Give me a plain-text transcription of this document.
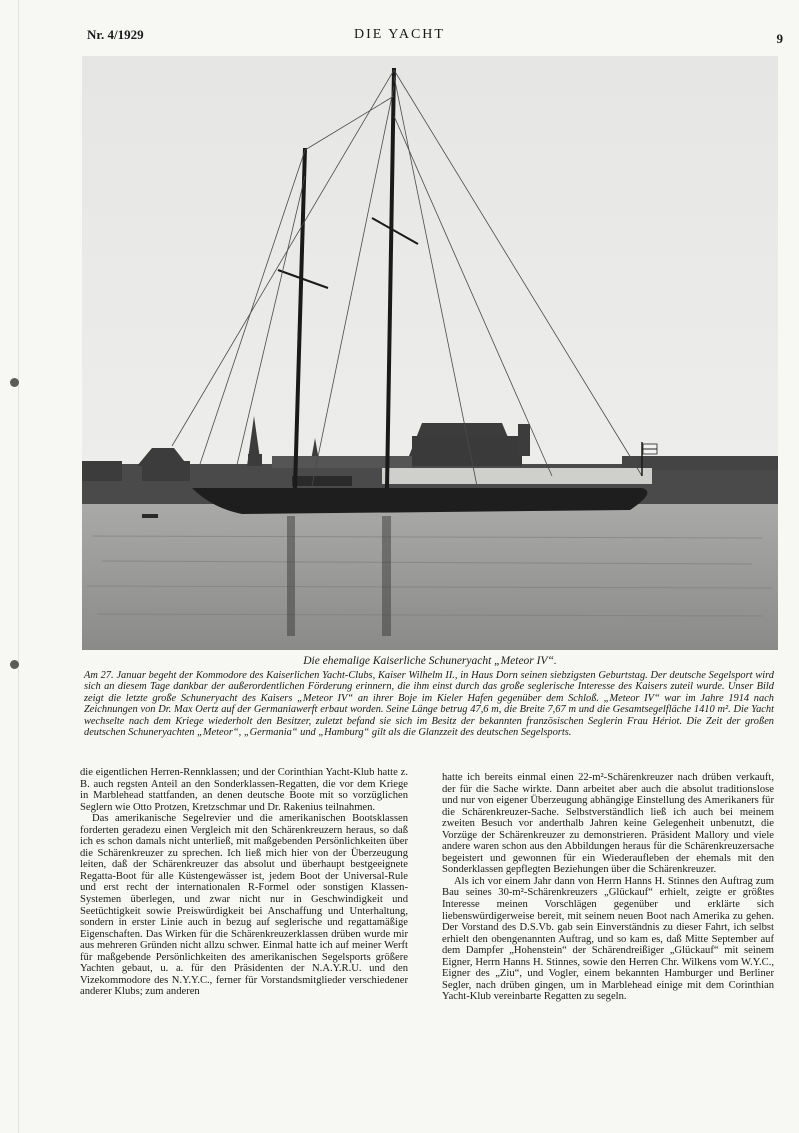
Nr. 4/1929	DIE YACHT	9
Die ehemalige Kaiserliche Schuneryacht „Meteor IV“.
Am 27. Januar begeht der Kommodore des Kaiserlichen Yacht-Clubs, Kaiser Wilhelm II., in Haus Dorn seinen siebzigsten Geburtstag. Der deutsche Segelsport wird sich an diesem Tage dankbar der außerordentlichen Förderung erinnern, die ihm einst durch das große seglerische Interesse des Kaisers zuteil wurde. Unser Bild zeigt die letzte große Schuneryacht des Kaisers „Meteor IV“ an ihrer Boje im Kieler Hafen gegenüber dem Schloß. „Meteor IV“ war im Jahre 1914 nach Zeichnungen von Dr. Max Oertz auf der Germaniawerft erbaut worden. Seine Länge betrug 47,6 m, die Breite 7,67 m und die Gesamtsegelfläche 1410 m². Die Yacht wechselte nach dem Kriege wiederholt den Besitzer, zuletzt befand sie sich im Besitz der bekannten französischen Seglerin Frau Hériot. Die Zeit der großen deutschen Schuneryachten „Meteor“, „Germania“ und „Hamburg“ gilt als die Glanzzeit des deutschen Segelsports.

die eigentlichen Herren-Rennklassen; und der Corinthian Yacht-Klub hatte z. B. auch regsten Anteil an den Sonderklassen-Regatten, die vor dem Kriege in Marblehead stattfanden, an denen deutsche Boote mit so vorzüglichen Seglern wie Otto Protzen, Kretzschmar und Dr. Rakenius teilnahmen.

Das amerikanische Segelrevier und die amerikanischen Bootsklassen forderten geradezu einen Vergleich mit den Schärenkreuzern heraus, so daß ich es schon damals nicht unterließ, mit maßgebenden Persönlichkeiten über die Schärenkreuzer zu sprechen. Ich ließ mich hier von der Überzeugung leiten, daß der Schärenkreuzer das absolut und überhaupt bestgeeignete Regatta-Boot für alle Küstengewässer ist, jedem Boot der Universal-Rule und erst recht der internationalen R-Formel oder sonstigen Klassen-Systemen überlegen, und zwar nicht nur in Geschwindigkeit und Seetüchtigkeit sowie Preiswürdigkeit bei Anschaffung und Unterhaltung, sondern in erster Linie auch in bezug auf seglerische und regattamäßige Eigenschaften. Das Wirken für die Schärenkreuzerklassen drüben wurde mir aus mehreren Gründen nicht allzu schwer. Einmal hatte ich auf meiner Werft für maßgebende Persönlichkeiten des amerikanischen Segelsports größere Yachten gebaut, u. a. für den Präsidenten der N.A.Y.R.U. und den Vizekommodore des N.Y.Y.C., ferner für Vorstandsmitglieder verschiedener anderer Klubs; zum anderen

hatte ich bereits einmal einen 22-m²-Schärenkreuzer nach drüben verkauft, der für die Sache wirkte. Dann arbeitet aber auch die absolut traditionslose und nur von eigener Überzeugung abhängige Einstellung des Amerikaners für die Schärenkreuzer-Sache. Selbstverständlich ließ ich auch bei meinem zweiten Besuch vor anderthalb Jahren keine Gelegenheit unbenutzt, die Vorzüge der Schärenkreuzer zu demonstrieren. Präsident Mallory und viele andere waren schon aus den Abbildungen heraus für die Schärenkreuzersache begeistert und gewonnen für ein Wiederaufleben der ehemals mit den Sonderklassen gepflegten Beziehungen über die Schärenkreuzer.

Als ich vor einem Jahr dann von Herrn Hanns H. Stinnes den Auftrag zum Bau seines 30-m²-Schärenkreuzers „Glückauf“ erhielt, zeigte er größtes Interesse meinen Vorschlägen gegenüber und erklärte sich liebenswürdigerweise bereit, mit seinem neuen Boot nach Amerika zu gehen. Der Vorstand des D.S.Vb. gab sein Einverständnis zu dieser Fahrt, ich selbst erhielt den obengenannten Auftrag, und so kam es, daß Mitte September auf dem Dampfer „Hohenstein“ der Schärendreißiger „Glückauf“ mit seinem Eigner, Herrn Hanns H. Stinnes, sowie den Herren Chr. Wilkens vom W.Y.C., Eigner des „Ziu“, und Vogler, einem bekannten Hamburger und Berliner Segler, nach drüben gingen, um in Marblehead einige mit dem Corinthian Yacht-Klub vereinbarte Regatten zu segeln.
